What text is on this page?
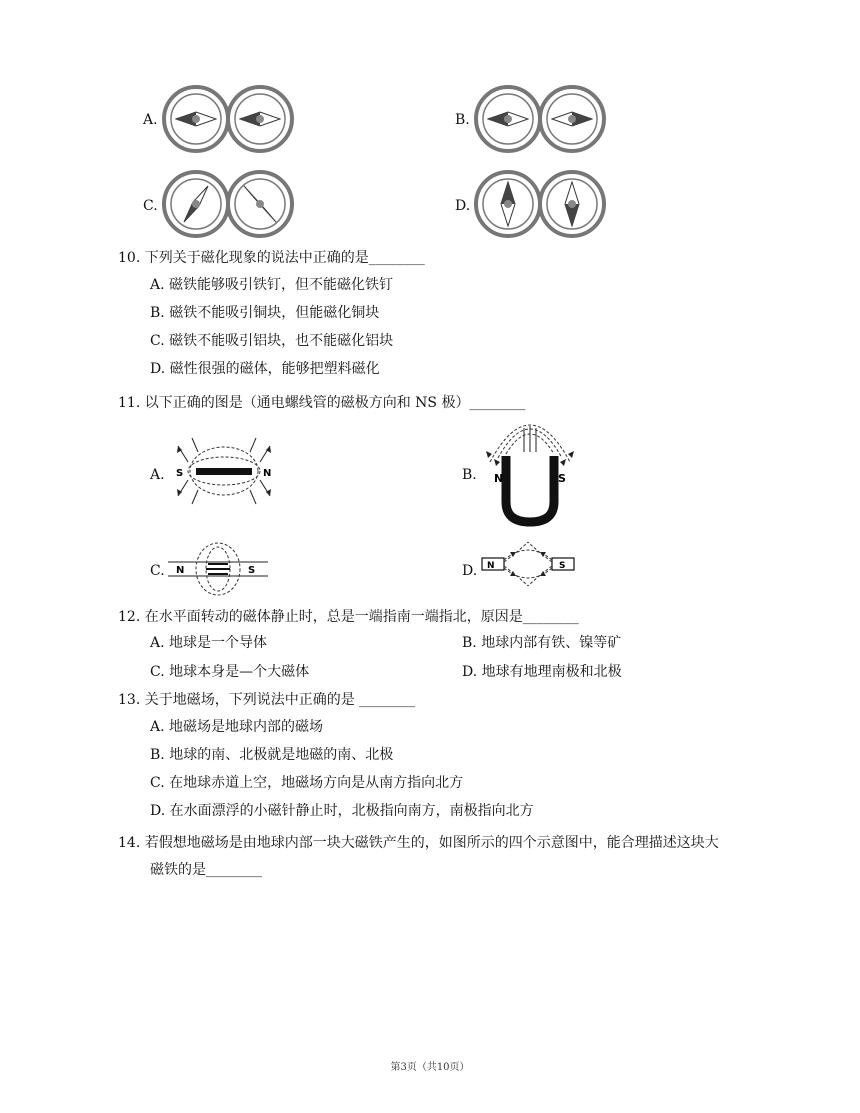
A.	B.
C.	D.
10. 下列关于磁化现象的说法中正确的是________
A. 磁铁能够吸引铁钉，但不能磁化铁钉
B. 磁铁不能吸引铜块，但能磁化铜块
C. 磁铁不能吸引铝块，也不能磁化铝块
D. 磁性很强的磁体，能够把塑料磁化
11. 以下正确的图是（通电螺线管的磁极方向和 NS 极）________
A. S	N	B. N	S
C. N	S	D. N	S
12. 在水平面转动的磁体静止时，总是一端指南一端指北，原因是________
A. 地球是一个导体	B. 地球内部有铁、镍等矿
C. 地球本身是—个大磁体	D. 地球有地理南极和北极
13. 关于地磁场，下列说法中正确的是 ________
A. 地磁场是地球内部的磁场
B. 地球的南、北极就是地磁的南、北极
C. 在地球赤道上空，地磁场方向是从南方指向北方
D. 在水面漂浮的小磁针静止时，北极指向南方，南极指向北方
14. 若假想地磁场是由地球内部一块大磁铁产生的，如图所示的四个示意图中，能合理描述这块大
磁铁的是________
第3页（共10页）
